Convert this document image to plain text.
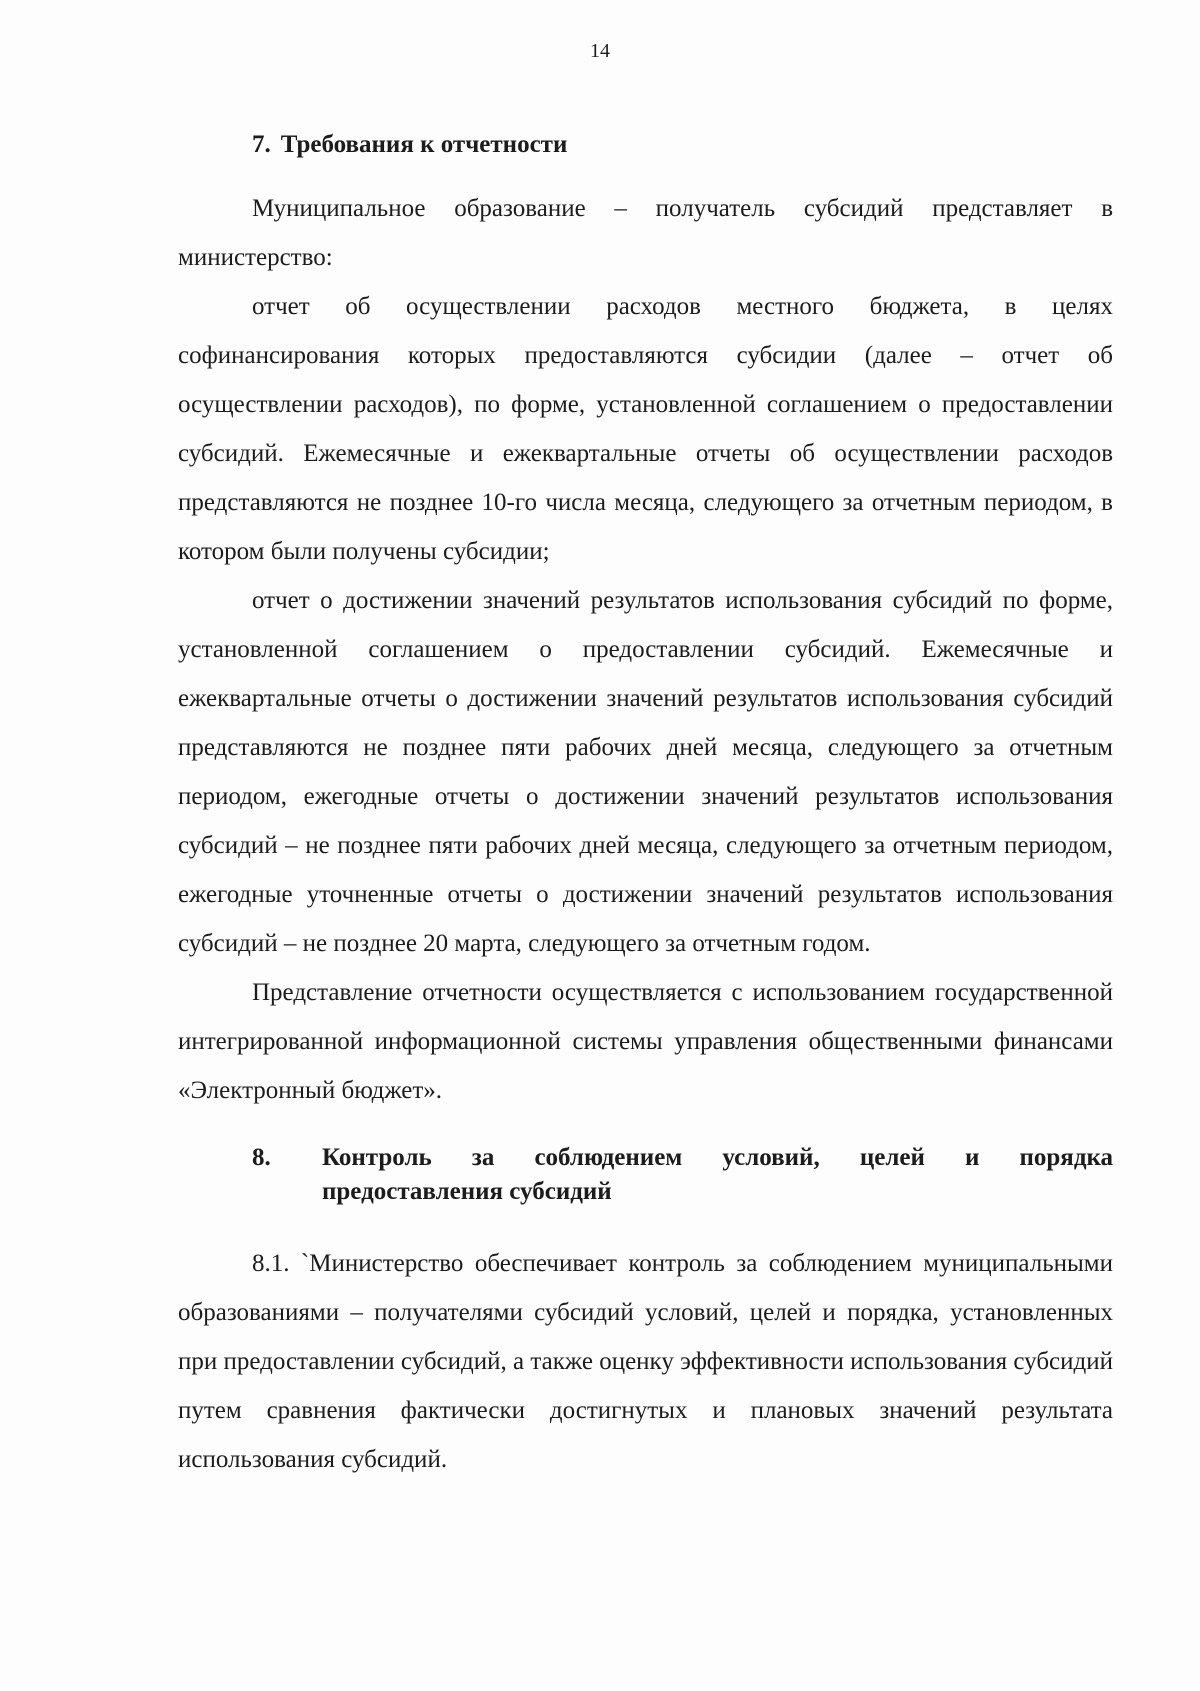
14
7. Требования к отчетности

Муниципальное образование – получатель субсидий представляет в министерство:

отчет об осуществлении расходов местного бюджета, в целях софинансирования которых предоставляются субсидии (далее – отчет об осуществлении расходов), по форме, установленной соглашением о предоставлении субсидий. Ежемесячные и ежеквартальные отчеты об осуществлении расходов представляются не позднее 10-го числа месяца, следующего за отчетным периодом, в котором были получены субсидии;

отчет о достижении значений результатов использования субсидий по форме, установленной соглашением о предоставлении субсидий. Ежемесячные и ежеквартальные отчеты о достижении значений результатов использования субсидий представляются не позднее пяти рабочих дней месяца, следующего за отчетным периодом, ежегодные отчеты о достижении значений результатов использования субсидий – не позднее пяти рабочих дней месяца, следующего за отчетным периодом, ежегодные уточненные отчеты о достижении значений результатов использования субсидий – не позднее 20 марта, следующего за отчетным годом.

Представление отчетности осуществляется с использованием государственной интегрированной информационной системы управления общественными финансами «Электронный бюджет».

8.	Контроль за соблюдением условий, целей и порядка
предоставления субсидий

8.1. `Министерство обеспечивает контроль за соблюдением муниципальными образованиями – получателями субсидий условий, целей и порядка, установленных при предоставлении субсидий, а также оценку эффективности использования субсидий путем сравнения фактически достигнутых и плановых значений результата использования субсидий.
